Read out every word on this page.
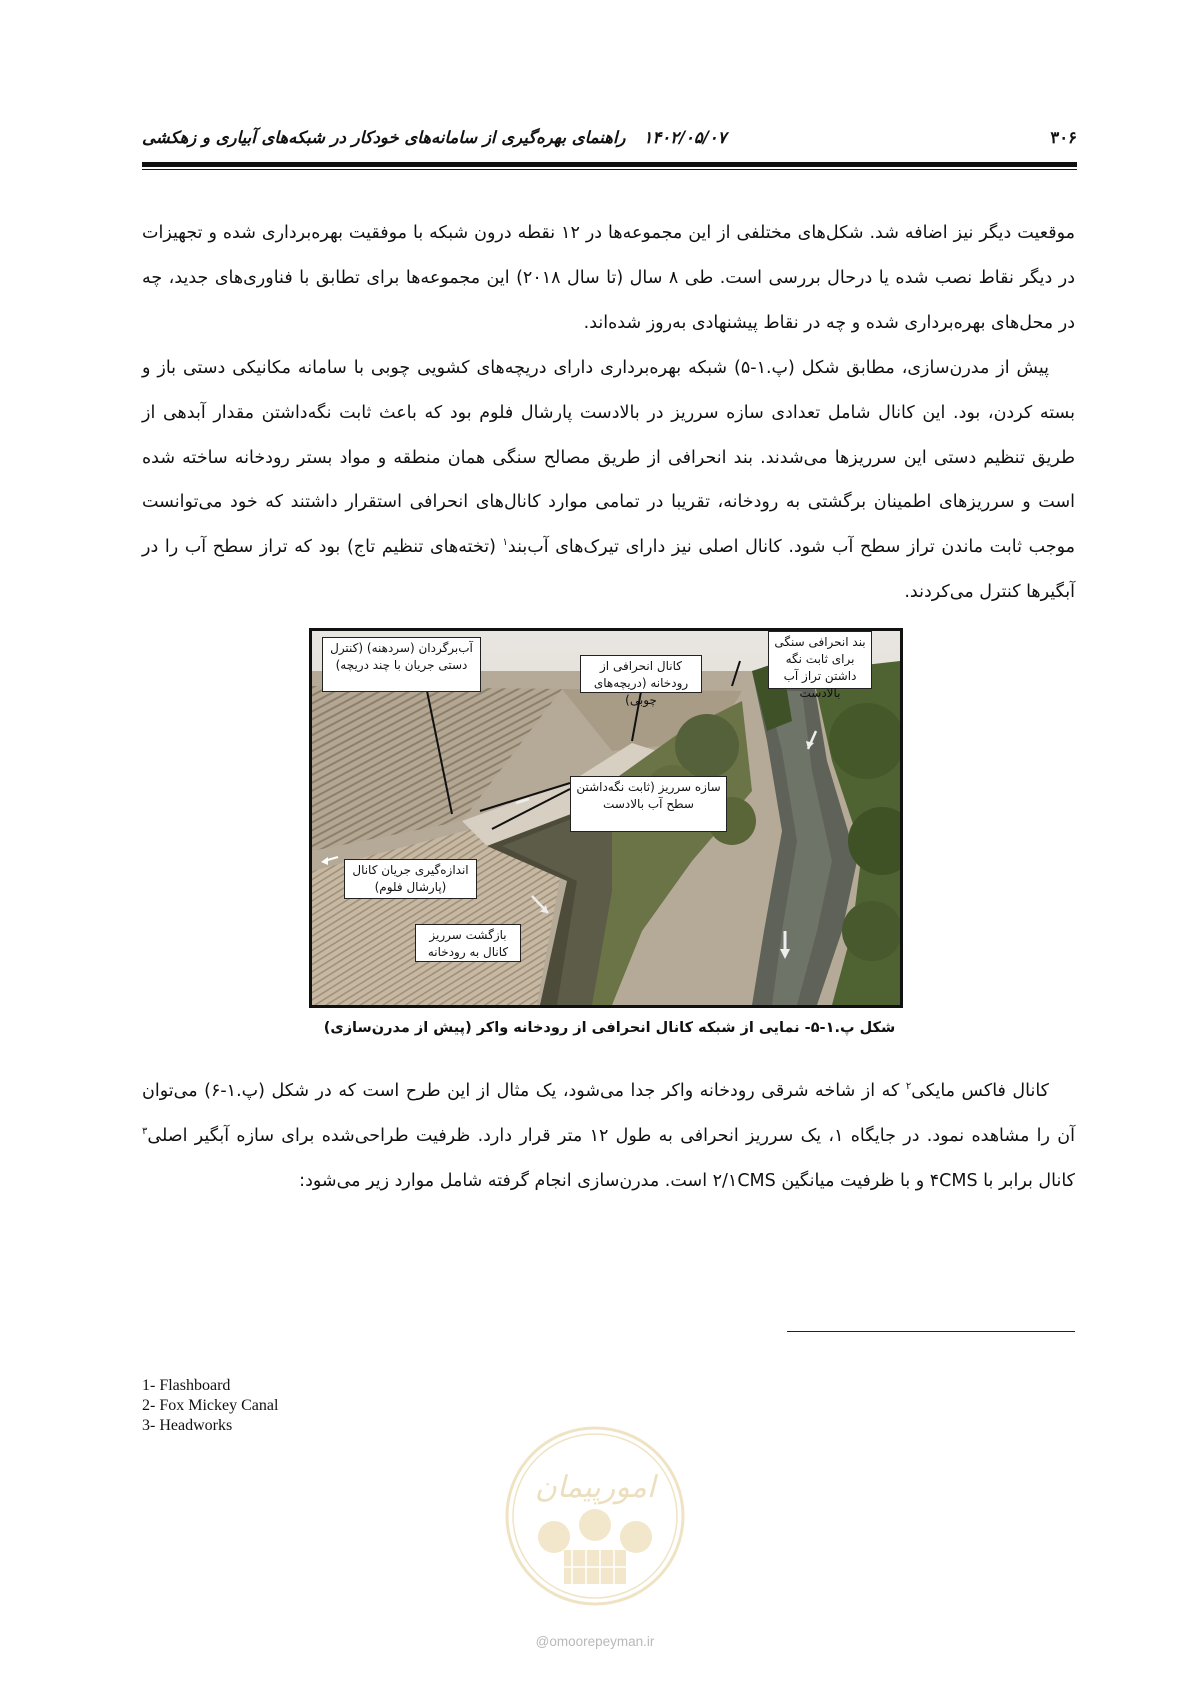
۳۰۶
۱۴۰۲/۰۵/۰۷راهنمای بهره‌گیری از سامانه‌های خودکار در شبکه‌های آبیاری و زهکشی
موقعیت دیگر نیز اضافه شد. شکل‌های مختلفی از این مجموعه‌ها در ۱۲ نقطه درون شبکه با موفقیت بهره‌برداری شده و تجهیزات در دیگر نقاط نصب شده یا درحال بررسی است. طی ۸ سال (تا سال ۲۰۱۸) این مجموعه‌ها برای تطابق با فناوری‌های جدید، چه در محل‌های بهره‌برداری شده و چه در نقاط پیشنهادی به‌روز شده‌اند.
پیش از مدرن‌سازی، مطابق شکل (پ.۱-۵) شبکه بهره‌برداری دارای دریچه‌های کشویی چوبی با سامانه مکانیکی دستی باز و بسته کردن، بود. این کانال شامل تعدادی سازه سرریز در بالادست پارشال فلوم بود که باعث ثابت نگه‌داشتن مقدار آبدهی از طریق تنظیم دستی این سرریزها می‌شدند. بند انحرافی از طریق مصالح سنگی همان منطقه و مواد بستر رودخانه ساخته شده است و سرریزهای اطمینان برگشتی به رودخانه، تقریبا در تمامی موارد کانال‌های انحرافی استقرار داشتند که خود می‌توانست موجب ثابت ماندن تراز سطح آب شود. کانال اصلی نیز دارای تیرک‌های آب‌بند$^۱$ (تخته‌های تنظیم تاج) بود که تراز سطح آب را در آبگیرها کنترل می‌کردند.
آب‌برگردان (سردهنه) (کنترل دستی جریان با چند دریچه)	کانال انحرافی از رودخانه (دریچه‌های چوبی)
بند انحرافی سنگی برای ثابت نگه داشتن تراز آب بالادست
سازه سرریز (ثابت نگه‌داشتن سطح آب بالادست
اندازه‌گیری جریان کانال (پارشال فلوم)
بازگشت سرریز کانال به رودخانه
شکل پ.۱-۵- نمایی از شبکه کانال انحرافی از رودخانه واکر (پیش از مدرن‌سازی)
کانال فاکس مایکی$^۲$ که از شاخه شرقی رودخانه واکر جدا می‌شود، یک مثال از این طرح است که در شکل (پ.۱-۶) می‌توان آن را مشاهده نمود. در جایگاه ۱، یک سرریز انحرافی به طول ۱۲ متر قرار دارد. ظرفیت طراحی‌شده برای سازه آبگیر اصلی$^۳$ کانال برابر با ۴CMS و با ظرفیت میانگین ۲/۱CMS است. مدرن‌سازی انجام گرفته شامل موارد زیر می‌شود:
1- Flashboard
2- Fox Mickey Canal
3- Headworks
امورپیمان
@omoorepeyman.ir
